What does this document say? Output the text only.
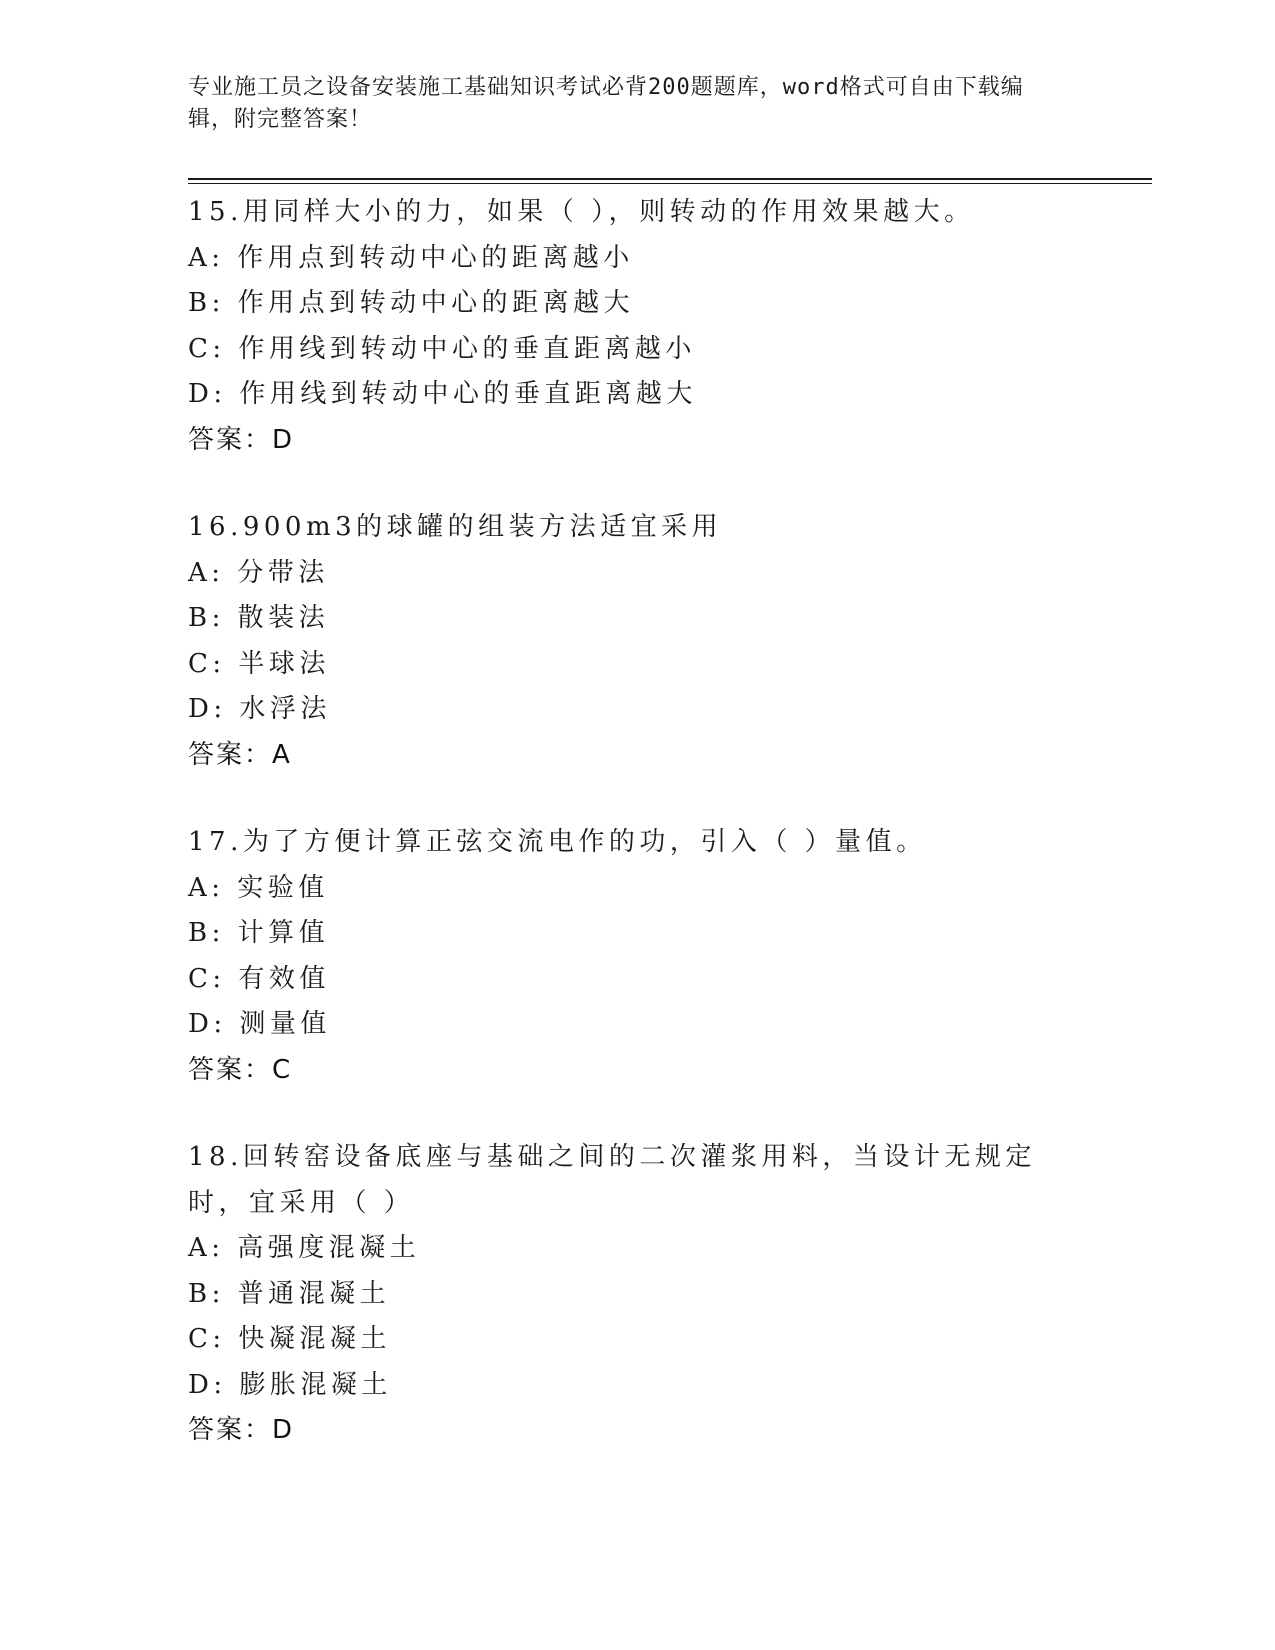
专业施工员之设备安装施工基础知识考试必背200题题库，word格式可自由下载编辑，附完整答案！
15.用同样大小的力，如果（ ），则转动的作用效果越大。
A: 作用点到转动中心的距离越小
B: 作用点到转动中心的距离越大
C: 作用线到转动中心的垂直距离越小
D: 作用线到转动中心的垂直距离越大
答案：D
16.900m3的球罐的组装方法适宜采用
A: 分带法
B: 散装法
C: 半球法
D: 水浮法
答案：A
17.为了方便计算正弦交流电作的功，引入（ ）量值。
A: 实验值
B: 计算值
C: 有效值
D: 测量值
答案：C
18.回转窑设备底座与基础之间的二次灌浆用料，当设计无规定时，宜采用（ ）
A: 高强度混凝土
B: 普通混凝土
C: 快凝混凝土
D: 膨胀混凝土
答案：D
